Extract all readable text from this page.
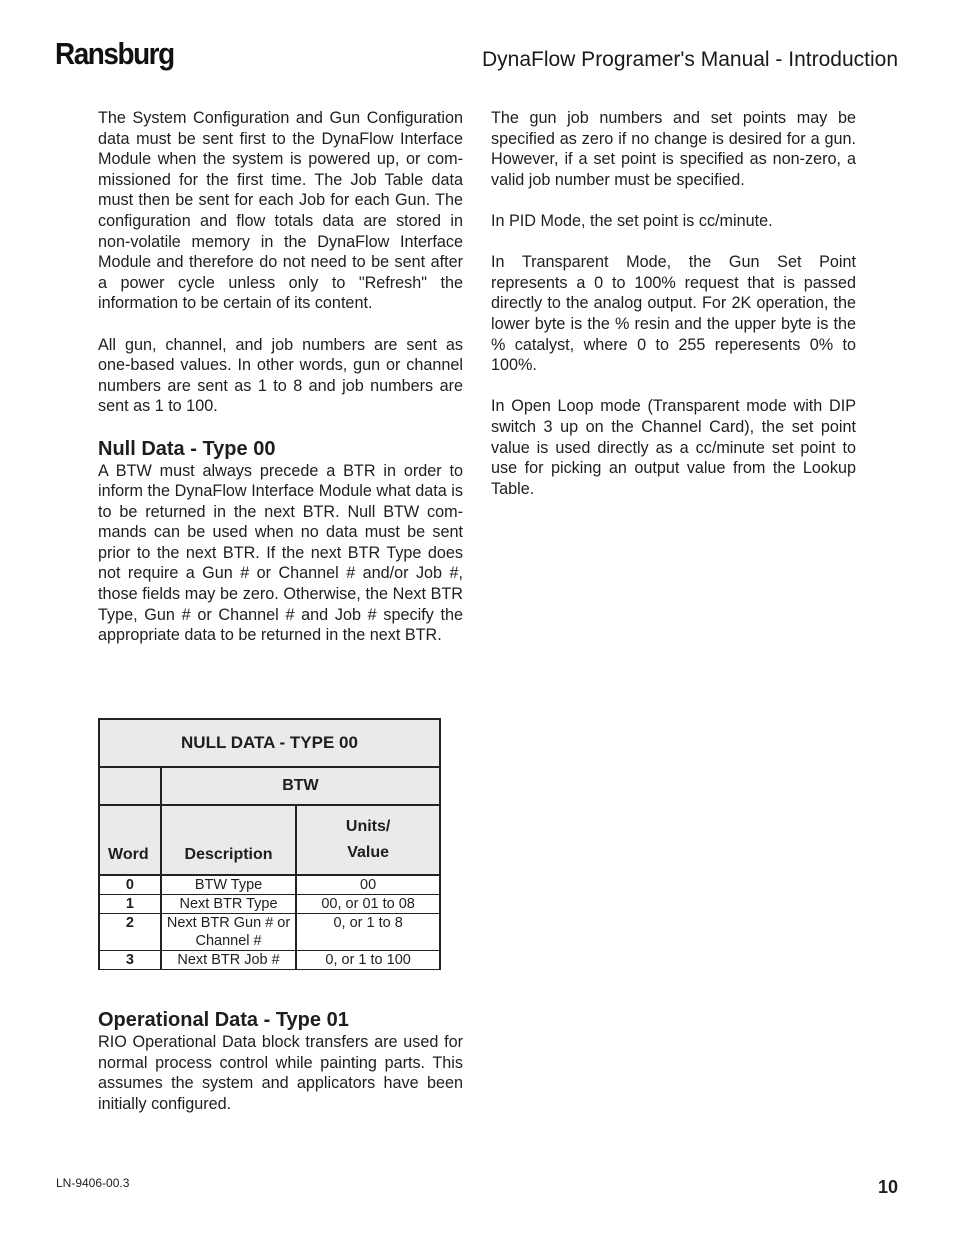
Ransburg	DynaFlow Programer's Manual - Introduction

The System Configuration and Gun Configuration data must be sent first to the DynaFlow Interface Module when the system is powered up, or com-missioned for the first time. The Job Table data must then be sent for each Job for each Gun. The configuration and flow totals data are stored in non-volatile memory in the DynaFlow Interface Module and therefore do not need to be sent after a power cycle unless only to "Refresh" the information to be certain of its content.

All gun, channel, and job numbers are sent as one-based values. In other words, gun or channel numbers are sent as 1 to 8 and job numbers are sent as 1 to 100.

Null Data - Type 00

A BTW must always precede a BTR in order to inform the DynaFlow Interface Module what data is to be returned in the next BTR. Null BTW com-mands can be used when no data must be sent prior to the next BTR. If the next BTR Type does not require a Gun # or Channel # and/or Job #, those fields may be zero. Otherwise, the Next BTR Type, Gun # or Channel # and Job # specify the appropriate data to be returned in the next BTR.

The gun job numbers and set points may be specified as zero if no change is desired for a gun. However, if a set point is specified as non-zero, a valid job number must be specified.

In PID Mode, the set point is cc/minute.

In Transparent Mode, the Gun Set Point represents a 0 to 100% request that is passed directly to the analog output. For 2K operation, the lower byte is the % resin and the upper byte is the % catalyst, where 0 to 255 reperesents 0% to 100%.

In Open Loop mode (Transparent mode with DIP switch 3 up on the Channel Card), the set point value is used directly as a cc/minute set point to use for picking an output value from the Lookup Table.

NULL DATA - TYPE 00		
	BTW	
Word	Description	Units/
Value

0	BTW Type	00
1	Next BTR Type	00, or 01 to 08
2	Next BTR Gun # or Channel #	0, or 1 to 8
3	Next BTR Job #	0, or 1 to 100
Operational Data - Type 01

RIO Operational Data block transfers are used for normal process control while painting parts. This assumes the system and applicators have been initially configured.

LN-9406-00.3	10
